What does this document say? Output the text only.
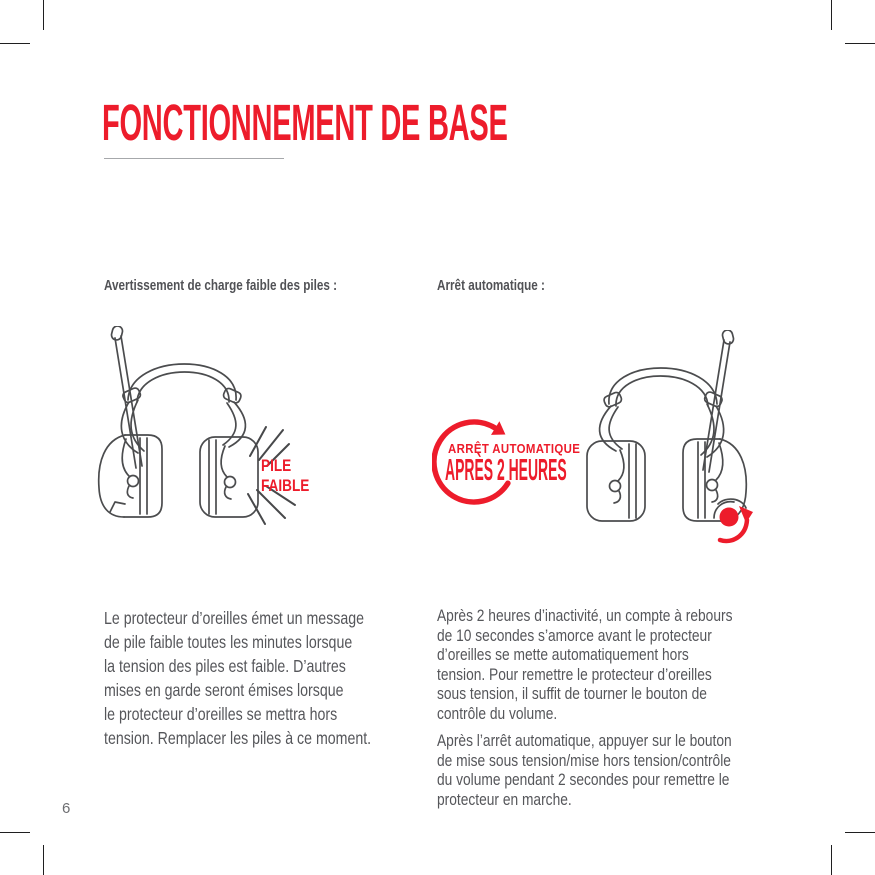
FONCTIONNEMENT DE BASE
Avertissement de charge faible des piles :	Arrêt automatique :
PILE
FAIBLE
ARRÊT AUTOMATIQUE
APRÈS 2 HEURES
Le protecteur d’oreilles émet un message
de pile faible toutes les minutes lorsque
la tension des piles est faible. D’autres
mises en garde seront émises lorsque
le protecteur d’oreilles se mettra hors
tension. Remplacer les piles à ce moment.
Après 2 heures d’inactivité, un compte à rebours
de 10 secondes s’amorce avant le protecteur
d’oreilles se mette automatiquement hors
tension. Pour remettre le protecteur d’oreilles
sous tension, il suffit de tourner le bouton de
contrôle du volume.
Après l’arrêt automatique, appuyer sur le bouton
de mise sous tension/mise hors tension/contrôle
du volume pendant 2 secondes pour remettre le
protecteur en marche.
6
